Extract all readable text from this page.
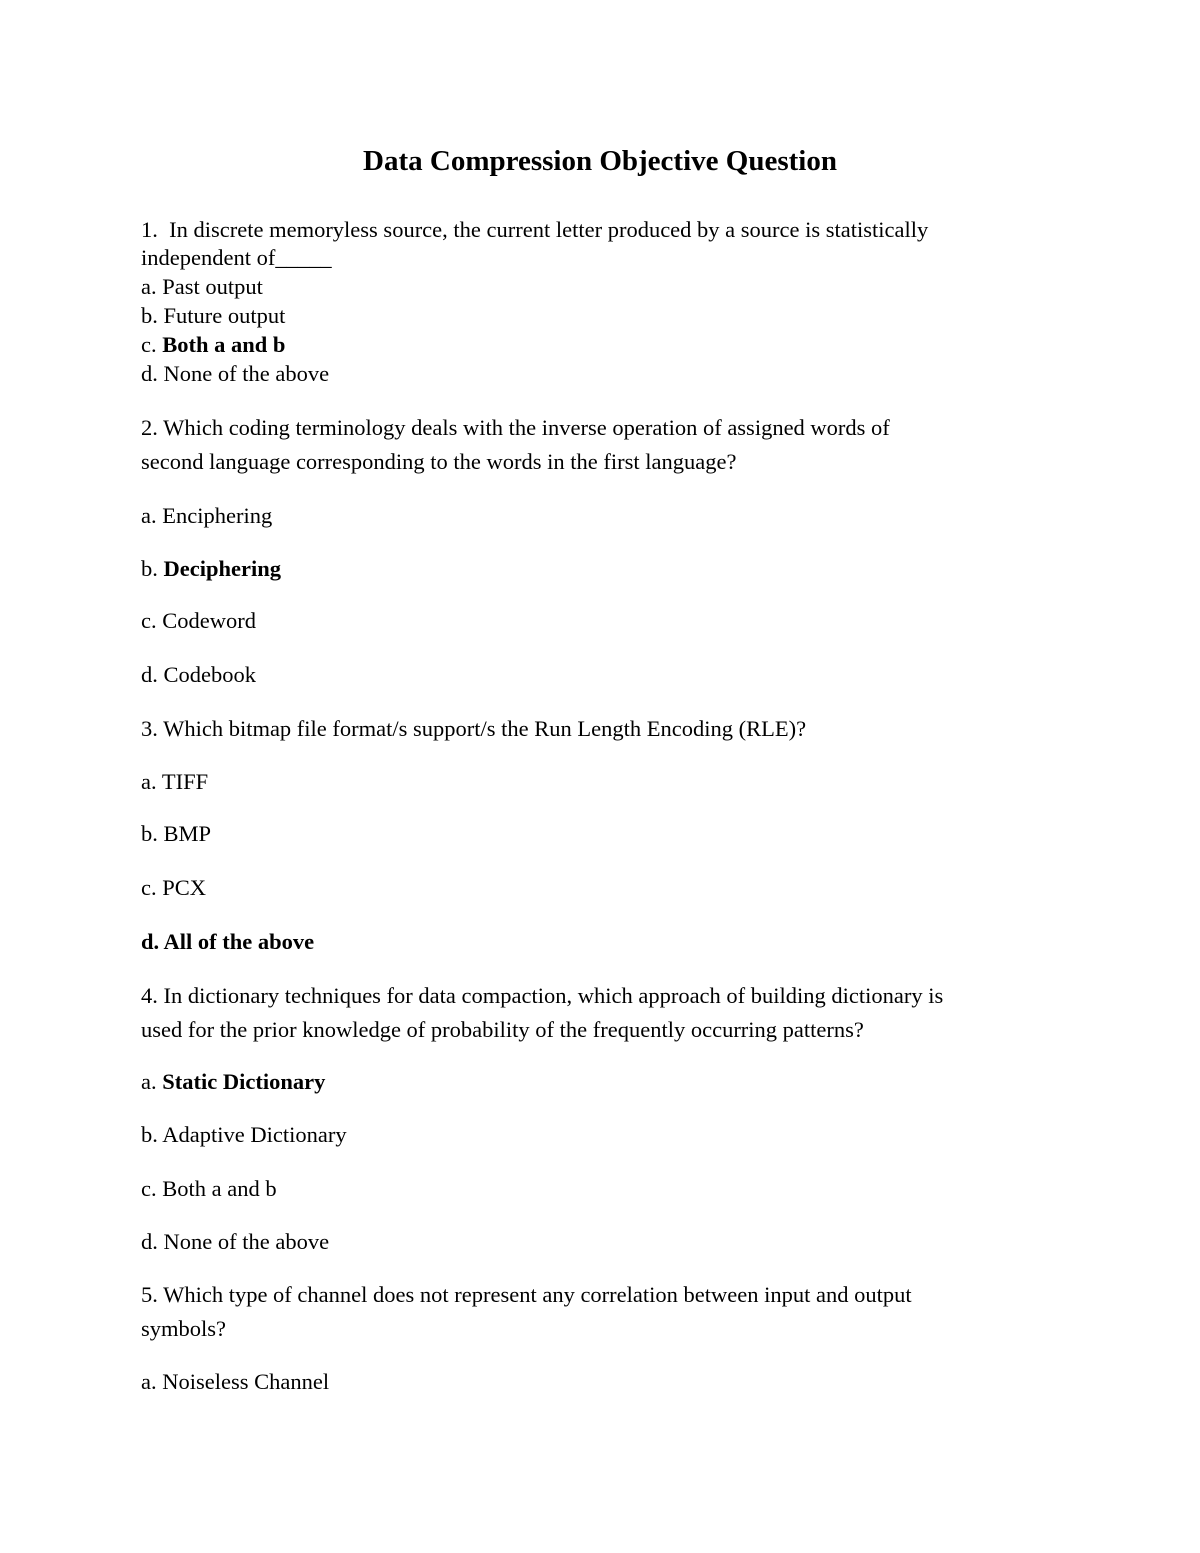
Data Compression Objective Question

1. In discrete memoryless source, the current letter produced by a source is statistically

independent of_____

a. Past output

b. Future output

c. Both a and b

d. None of the above

2. Which coding terminology deals with the inverse operation of assigned words of

second language corresponding to the words in the first language?

a. Enciphering

b. Deciphering

c. Codeword

d. Codebook

3. Which bitmap file format/s support/s the Run Length Encoding (RLE)?

a. TIFF

b. BMP

c. PCX

d. All of the above

4. In dictionary techniques for data compaction, which approach of building dictionary is

used for the prior knowledge of probability of the frequently occurring patterns?

a. Static Dictionary

b. Adaptive Dictionary

c. Both a and b

d. None of the above

5. Which type of channel does not represent any correlation between input and output

symbols?

a. Noiseless Channel
